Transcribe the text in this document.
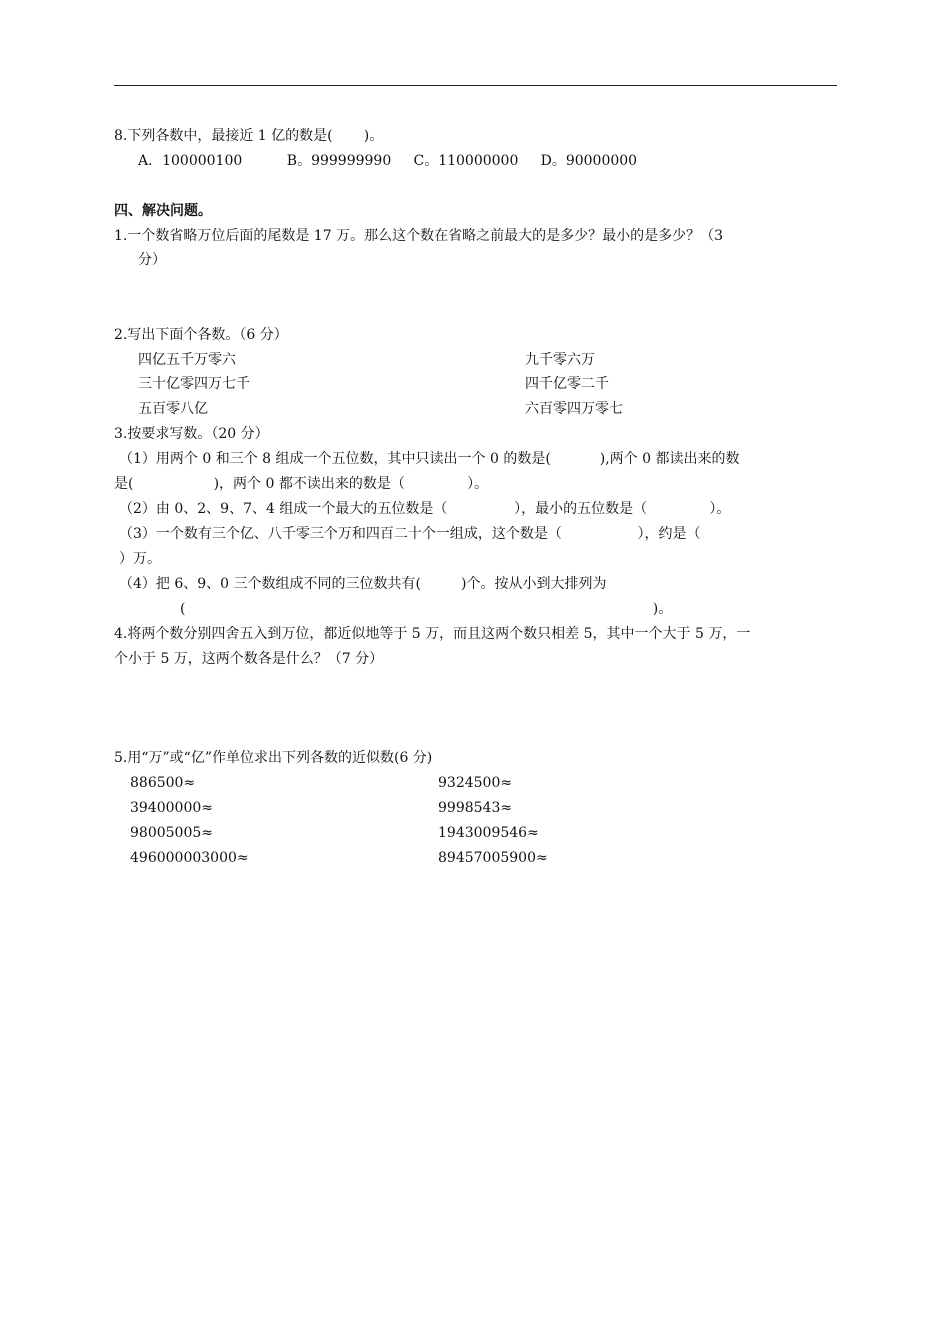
8.下列各数中，最接近 1 亿的数是(       )。
A．100000100          B。999999990     C。110000000     D。90000000
四、解决问题。
1.一个数省略万位后面的尾数是 17 万。那么这个数在省略之前最大的是多少？最小的是多少？（3
分）
2.写出下面个各数。（6 分）
四亿五千万零六	九千零六万
三十亿零四万七千	四千亿零二千
五百零八亿	六百零四万零七
3.按要求写数。（20 分）
（1）用两个 0 和三个 8 组成一个五位数，其中只读出一个 0 的数是(           ),两个 0 都读出来的数
是(                  )，两个 0 都不读出来的数是（              ）。
（2）由 0、2、9、7、4 组成一个最大的五位数是（               ），最小的五位数是（              ）。
（3）一个数有三个亿、八千零三个万和四百二十个一组成，这个数是（                 ），约是（
）万。
（4）把 6、9、0 三个数组成不同的三位数共有(         )个。按从小到大排列为
(                                                                                                         )。
4.将两个数分别四舍五入到万位，都近似地等于 5 万，而且这两个数只相差 5，其中一个大于 5 万，一
个小于 5 万，这两个数各是什么？（7 分）
5.用“万”或“亿”作单位求出下列各数的近似数(6 分)
886500≈	9324500≈
39400000≈	9998543≈
98005005≈	1943009546≈
496000003000≈	89457005900≈
